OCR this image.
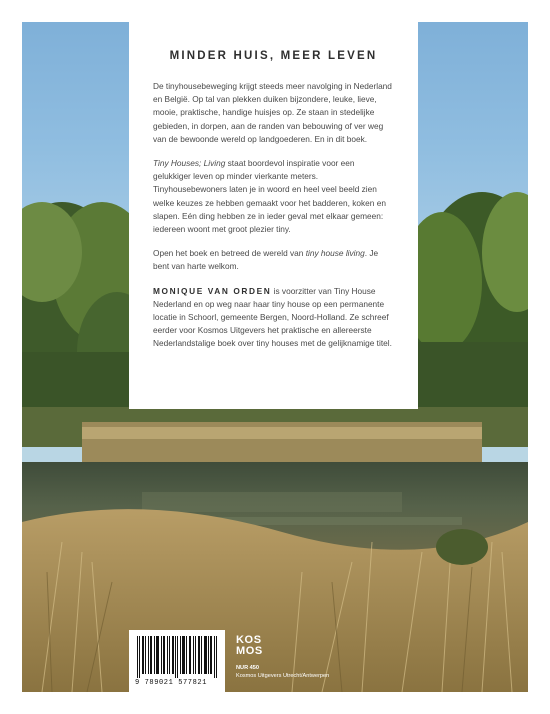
MINDER HUIS, MEER LEVEN

De tinyhousebeweging krijgt steeds meer navolging in Nederland en België. Op tal van plekken duiken bijzondere, leuke, lieve, mooie, praktische, handige huisjes op. Ze staan in stedelijke gebieden, in dorpen, aan de randen van bebouwing of ver weg van de bewoonde wereld op landgoederen. En in dit boek.

Tiny Houses; Living staat boordevol inspiratie voor een gelukkiger leven op minder vierkante meters. Tinyhousebewoners laten je in woord en heel veel beeld zien welke keuzes ze hebben gemaakt voor het badderen, koken en slapen. Eén ding hebben ze in ieder geval met elkaar gemeen: iedereen woont met groot plezier tiny.

Open het boek en betreed de wereld van tiny house living. Je bent van harte welkom.

MONIQUE VAN ORDEN is voorzitter van Tiny House Nederland en op weg naar haar tiny house op een permanente locatie in Schoorl, gemeente Bergen, Noord-Holland. Ze schreef eerder voor Kosmos Uitgevers het praktische en allereerste Nederlandstalige boek over tiny houses met de gelijknamige titel.

9 789021 577821
KOS
MOS
NUR 450
Kosmos Uitgevers Utrecht/Antwerpen
